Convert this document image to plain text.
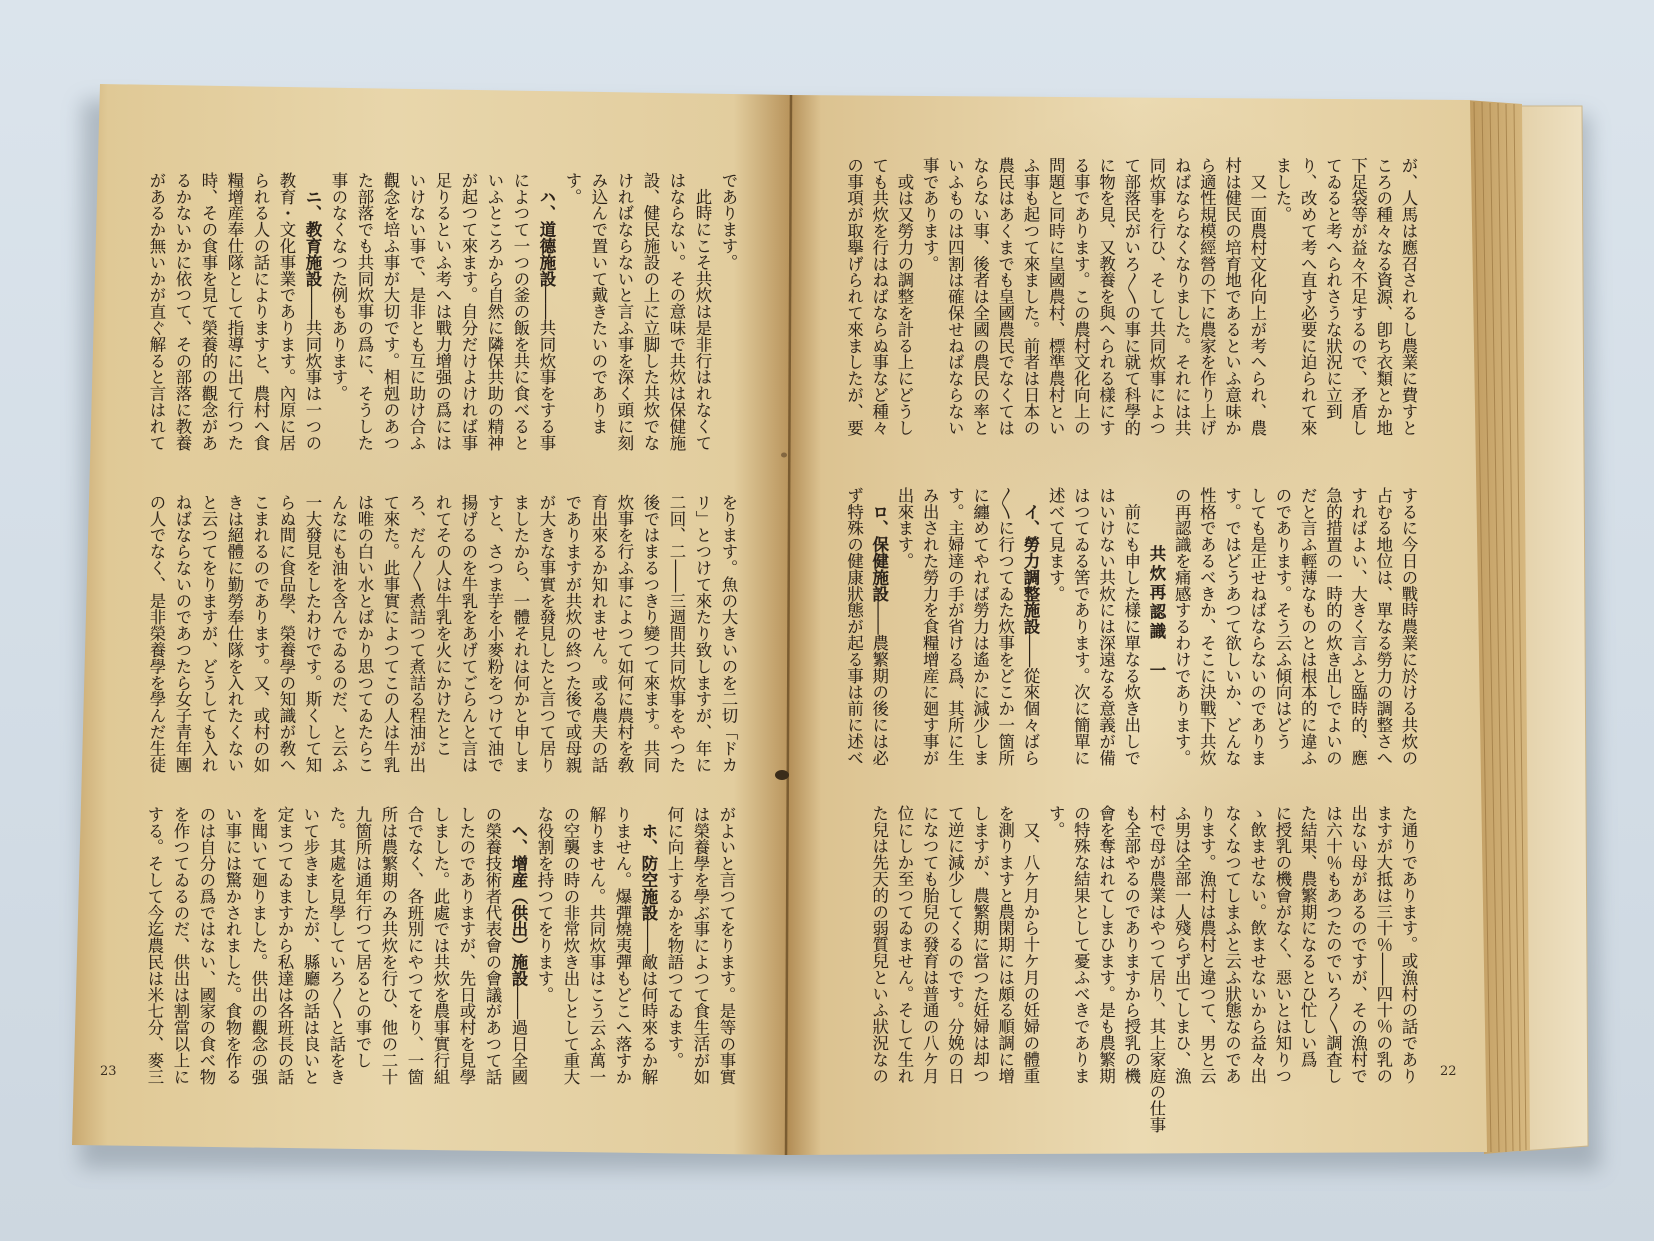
が、人馬は應召されるし農業に費すと
ころの種々なる資源、卽ち衣類とか地
下足袋等が益々不足するので、矛盾し
てゐると考へられさうな狀況に立到
り、改めて考へ直す必要に迫られて來
ました。
　又一面農村文化向上が考へられ、農
村は健民の培育地であるといふ意味か
ら適性規模經營の下に農家を作り上げ
ねばならなくなりました。それには共
同炊事を行ひ、そして共同炊事によつ
て部落民がいろ〳〵の事に就て科學的
に物を見、又教養を與へられる樣にす
る事であります。この農村文化向上の
問題と同時に皇國農村、標準農村とい
ふ事も起つて來ました。前者は日本の
農民はあくまでも皇國農民でなくては
ならない事、後者は全國の農民の率と
いふものは四割は確保せねばならない
事であります。
　或は又勞力の調整を計る上にどうし
ても共炊を行はねばならぬ事など種々
の事項が取擧げられて來ましたが、要
するに今日の戰時農業に於ける共炊の
占むる地位は、單なる勞力の調整さへ
すればよい、大きく言ふと臨時的、應
急的措置の一時的の炊き出しでよいの
だと言ふ輕薄なものとは根本的に違ふ
のであります。そう云ふ傾向はどう
しても是正せねばならないのでありま
す。ではどうあつて欲しいか、どんな
性格であるべきか、そこに決戰下共炊
の再認識を痛感するわけであります。
共炊再認識　一
　前にも申した樣に單なる炊き出しで
はいけない共炊には深遠なる意義が備
はつてゐる筈であります。次に簡單に
述べて見ます。
　イ、勞力調整施設――從來個々ばら
〳〵に行つてゐた炊事をどこか一箇所
に纏めてやれば勞力は遙かに減少しま
す。主婦達の手が省ける爲、其所に生
み出された勞力を食糧增産に廻す事が
出來ます。
　ロ、保健施設――農繁期の後には必
ず特殊の健康狀態が起る事は前に述べ
た通りであります。或漁村の話であり
ますが大抵は三十％――四十％の乳の
出ない母があるのですが、その漁村で
は六十％もあつたのでいろ〳〵調査し
た結果、農繁期になるとひ忙しい爲
に授乳の機會がなく、惡いとは知りつ
ゝ飲ませない。飲ませないから益々出
なくなつてしまふと云ふ狀態なのであ
ります。漁村は農村と違つて、男と云
ふ男は全部一人殘らず出てしまひ、漁
村で母が農業はやつて居り、其上家庭の仕事
も全部やるのでありますから授乳の機
會を奪はれてしまひます。是も農繁期
の特殊な結果として憂ふべきでありま
す。
　又、八ケ月から十ケ月の妊婦の體重
を測りますと農閑期には頗る順調に增
しますが、農繁期に當つた妊婦は却つ
て逆に減少してくるのです。分娩の日
になつても胎兒の發育は普通の八ケ月
位にしか至つてゐません。そして生れ
た兒は先天的の弱質兒といふ狀況なの	22
であります。
　此時にこそ共炊は是非行はれなくて
はならない。その意味で共炊は保健施
設、健民施設の上に立脚した共炊でな
ければならないと言ふ事を深く頭に刻
み込んで置いて戴きたいのでありま
す。
　ハ、道德施設――共同炊事をする事
によつて一つの釜の飯を共に食べると
いふところから自然に隣保共助の精神
が起つて來ます。自分だけよければ事
足りるといふ考へは戰力增强の爲には
いけない事で、是非とも互に助け合ふ
觀念を培ふ事が大切です。相剋のあつ
た部落でも共同炊事の爲に、そうした
事のなくなつた例もあります。
　ニ、教育施設――共同炊事は一つの
教育・文化事業であります。內原に居
られる人の話によりますと、農村へ食
糧增産奉仕隊として指導に出て行つた
時、その食事を見て榮養的の觀念があ
るかないかに依つて、その部落に教養
があるか無いかが直ぐ解ると言はれて
をります。魚の大きいのを二切「ドカ
リ」とつけて來たり致しますが、年に
二回、二――三週間共同炊事をやつた
後ではまるつきり變つて來ます。共同
炊事を行ふ事によつて如何に農村を敎
育出來るか知れません。或る農夫の話
でありますが共炊の終つた後で或母親
が大きな事實を發見したと言つて居り
ましたから、一體それは何かと申しま
すと、さつま芋を小麥粉をつけて油で
揚げるのを牛乳をあげてごらんと言は
れてその人は牛乳を火にかけたとこ
ろ、だん〳〵煮詰つて煮詰る程油が出
て來た。此事實によつてこの人は牛乳
は唯の白い水とばかり思つてゐたらこ
んなにも油を含んでゐるのだ、と云ふ
一大發見をしたわけです。斯くして知
らぬ間に食品學、榮養學の知識が敎へ
こまれるのであります。又、或村の如
きは絕體に勤勞奉仕隊を入れたくない
と云つてをりますが、どうしても入れ
ねばならないのであつたら女子青年團
の人でなく、是非榮養學を學んだ生徒
がよいと言つてをります。是等の事實
は榮養學を學ぶ事によつて食生活が如
何に向上するかを物語つてゐます。
　ホ、防空施設――敵は何時來るか解
りません。爆彈燒夷彈もどこへ落すか
解りません。共同炊事はこう云ふ萬一
の空襲の時の非常炊き出しとして重大
な役割を持つてをります。
　ヘ、增産（供出）施設――過日全國
の榮養技術者代表會の會議があつて話
したのでありますが、先日或村を見學
しました。此處では共炊を農事實行組
合でなく、各班別にやつてをり、一箇
所は農繁期のみ共炊を行ひ、他の二十
九箇所は通年行つて居るとの事でし
た。其處を見學していろ〳〵と話をき
いて步きましたが、縣廳の話は良いと
定まつてゐますから私達は各班長の話
を聞いて廻りました。供出の觀念の强
い事には驚かされました。食物を作る
のは自分の爲ではない、國家の食べ物
を作つてゐるのだ、供出は割當以上に
する。そして今迄農民は米七分、麥三
23
